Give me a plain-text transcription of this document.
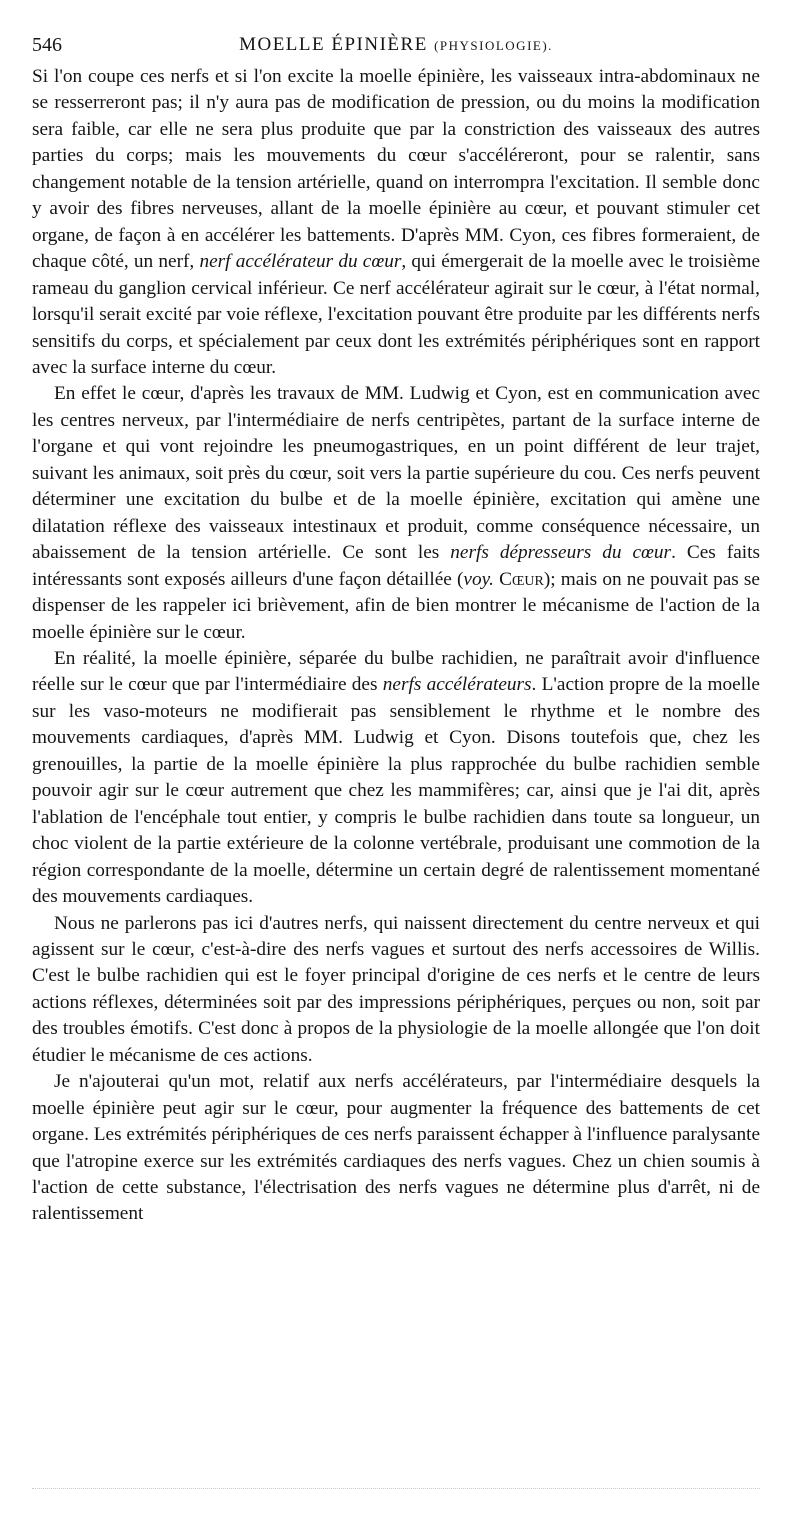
546	MOELLE ÉPINIÈRE (PHYSIOLOGIE).

Si l'on coupe ces nerfs et si l'on excite la moelle épinière, les vaisseaux intra-abdominaux ne se resserreront pas; il n'y aura pas de modification de pression, ou du moins la modification sera faible, car elle ne sera plus produite que par la constriction des vaisseaux des autres parties du corps; mais les mouvements du cœur s'accéléreront, pour se ralentir, sans changement notable de la tension artérielle, quand on interrompra l'excitation. Il semble donc y avoir des fibres nerveuses, allant de la moelle épinière au cœur, et pouvant stimuler cet organe, de façon à en accélérer les battements. D'après MM. Cyon, ces fibres formeraient, de chaque côté, un nerf, nerf accélérateur du cœur, qui émergerait de la moelle avec le troisième rameau du ganglion cervical inférieur. Ce nerf accélérateur agirait sur le cœur, à l'état normal, lorsqu'il serait excité par voie réflexe, l'excitation pouvant être produite par les différents nerfs sensitifs du corps, et spécialement par ceux dont les extrémités périphériques sont en rapport avec la surface interne du cœur.

En effet le cœur, d'après les travaux de MM. Ludwig et Cyon, est en communication avec les centres nerveux, par l'intermédiaire de nerfs centripètes, partant de la surface interne de l'organe et qui vont rejoindre les pneumogastriques, en un point différent de leur trajet, suivant les animaux, soit près du cœur, soit vers la partie supérieure du cou. Ces nerfs peuvent déterminer une excitation du bulbe et de la moelle épinière, excitation qui amène une dilatation réflexe des vaisseaux intestinaux et produit, comme conséquence nécessaire, un abaissement de la tension artérielle. Ce sont les nerfs dépresseurs du cœur. Ces faits intéressants sont exposés ailleurs d'une façon détaillée (voy. Cœur); mais on ne pouvait pas se dispenser de les rappeler ici brièvement, afin de bien montrer le mécanisme de l'action de la moelle épinière sur le cœur.

En réalité, la moelle épinière, séparée du bulbe rachidien, ne paraîtrait avoir d'influence réelle sur le cœur que par l'intermédiaire des nerfs accélérateurs. L'action propre de la moelle sur les vaso-moteurs ne modifierait pas sensiblement le rhythme et le nombre des mouvements cardiaques, d'après MM. Ludwig et Cyon. Disons toutefois que, chez les grenouilles, la partie de la moelle épinière la plus rapprochée du bulbe rachidien semble pouvoir agir sur le cœur autrement que chez les mammifères; car, ainsi que je l'ai dit, après l'ablation de l'encéphale tout entier, y compris le bulbe rachidien dans toute sa longueur, un choc violent de la partie extérieure de la colonne vertébrale, produisant une commotion de la région correspondante de la moelle, détermine un certain degré de ralentissement momentané des mouvements cardiaques.

Nous ne parlerons pas ici d'autres nerfs, qui naissent directement du centre nerveux et qui agissent sur le cœur, c'est-à-dire des nerfs vagues et surtout des nerfs accessoires de Willis. C'est le bulbe rachidien qui est le foyer principal d'origine de ces nerfs et le centre de leurs actions réflexes, déterminées soit par des impressions périphériques, perçues ou non, soit par des troubles émotifs. C'est donc à propos de la physiologie de la moelle allongée que l'on doit étudier le mécanisme de ces actions.

Je n'ajouterai qu'un mot, relatif aux nerfs accélérateurs, par l'intermédiaire desquels la moelle épinière peut agir sur le cœur, pour augmenter la fréquence des battements de cet organe. Les extrémités périphériques de ces nerfs paraissent échapper à l'influence paralysante que l'atropine exerce sur les extrémités cardiaques des nerfs vagues. Chez un chien soumis à l'action de cette substance, l'électrisation des nerfs vagues ne détermine plus d'arrêt, ni de ralentissement
